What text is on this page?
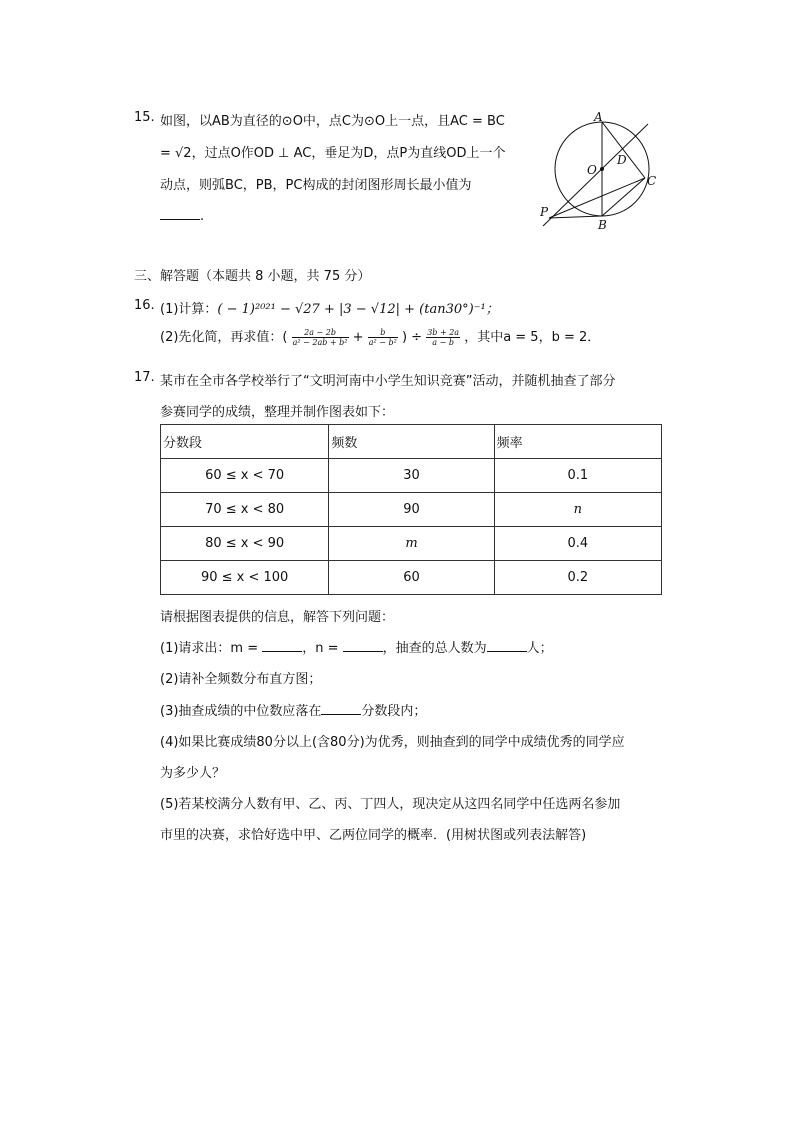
15. 如图，以AB为直径的⊙O中，点C为⊙O上一点，且AC = BC
= √2，过点O作OD ⊥ AC，垂足为D，点P为直线OD上一个
动点，则弧BC，PB，PC构成的封闭图形周长最小值为
.
A
O
D
C
P
B
三、解答题（本题共 8 小题，共 75 分）
16. (1)计算：( − 1)²⁰²¹ − √27 + |3 − √12| + (tan30°)⁻¹；
(2)先化简，再求值：( $\frac{2a - 2b}{\text{a² − 2ab + b²}} + \frac{b}{\text{a² − b²}}$ ) ÷ $\frac{3b + 2a}{a - b}$ ，其中a = 5，b = 2．
17. 某市在全市各学校举行了“文明河南中小学生知识竞赛”活动，并随机抽查了部分
参赛同学的成绩，整理并制作图表如下：
分数段	频数	频率
60 ≤ x < 70	30	0.1
70 ≤ x < 80	90	n
80 ≤ x < 90	m	0.4
90 ≤ x < 100	60	0.2
请根据图表提供的信息，解答下列问题：
(1)请求出：m =	，n =	，抽查的总人数为	人；
(2)请补全频数分布直方图；
(3)抽查成绩的中位数应落在	分数段内；
(4)如果比赛成绩80分以上(含80分)为优秀，则抽查到的同学中成绩优秀的同学应
为多少人？
(5)若某校满分人数有甲、乙、丙、丁四人，现决定从这四名同学中任选两名参加
市里的决赛，求恰好选中甲、乙两位同学的概率．(用树状图或列表法解答)
